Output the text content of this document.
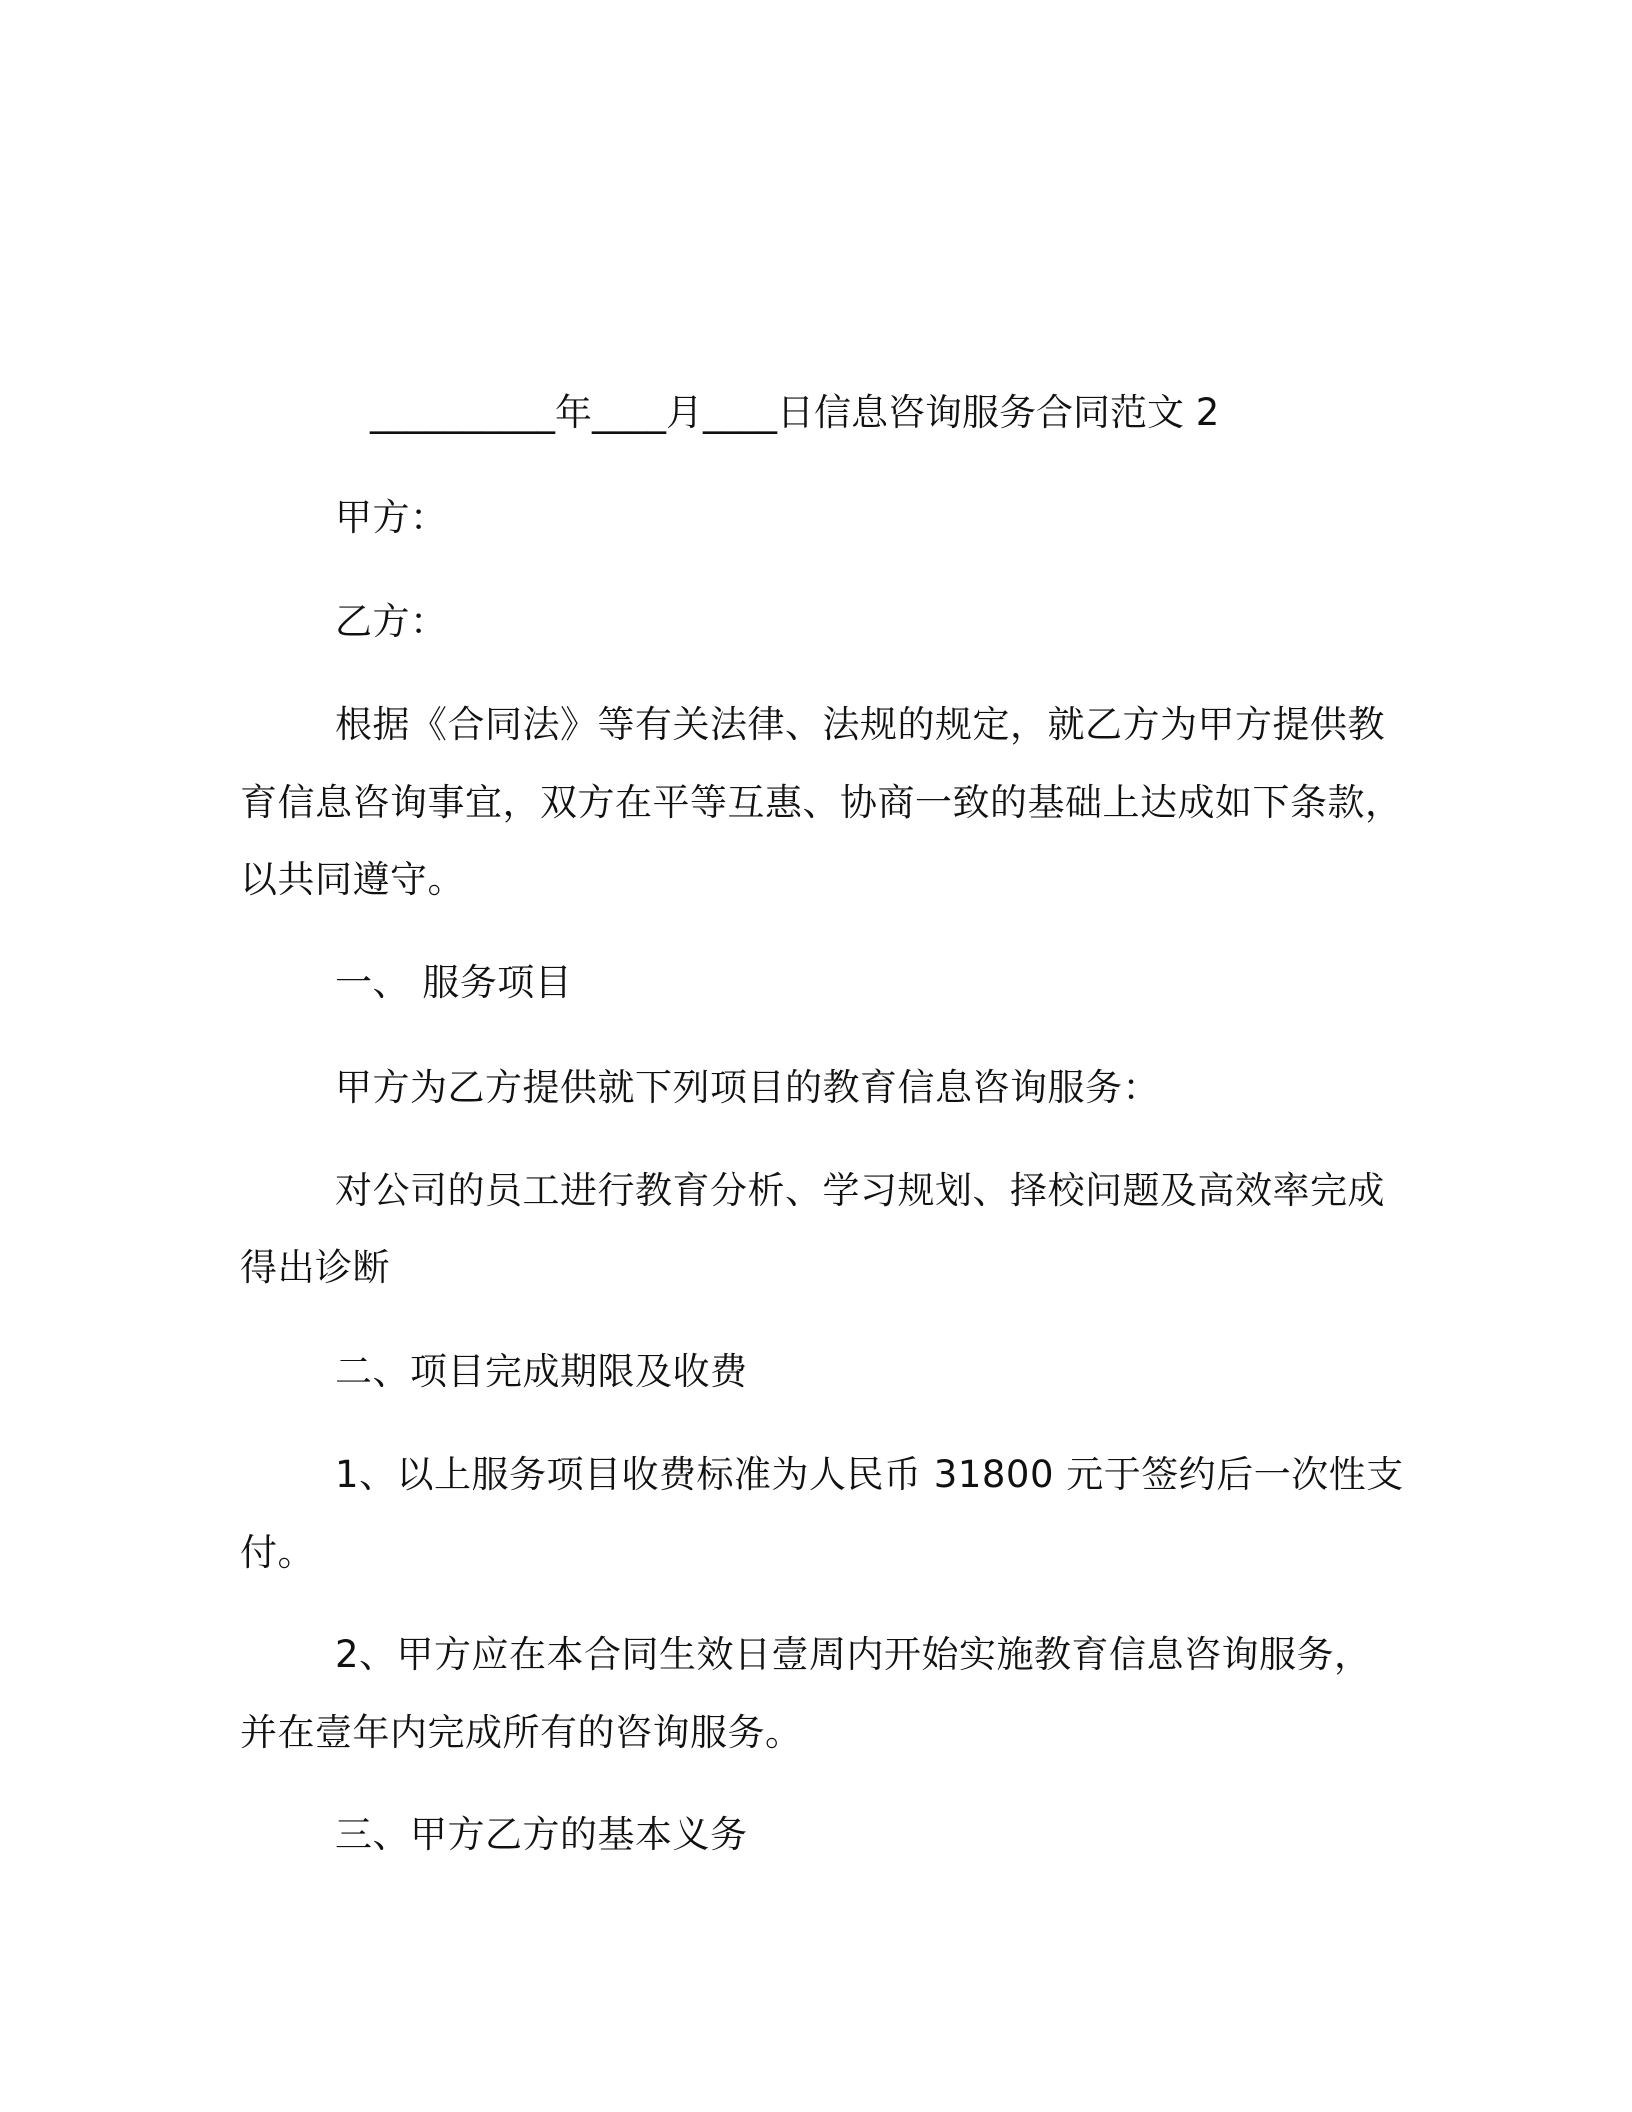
__________年____月____日信息咨询服务合同范文 2
甲方：
乙方：
根据《合同法》等有关法律、法规的规定，就乙方为甲方提供教
育信息咨询事宜，双方在平等互惠、协商一致的基础上达成如下条款，
以共同遵守。
一、 服务项目
甲方为乙方提供就下列项目的教育信息咨询服务：
对公司的员工进行教育分析、学习规划、择校问题及高效率完成
得出诊断
二、项目完成期限及收费
1、以上服务项目收费标准为人民币 31800 元于签约后一次性支
付。
2、甲方应在本合同生效日壹周内开始实施教育信息咨询服务，
并在壹年内完成所有的咨询服务。
三、甲方乙方的基本义务
